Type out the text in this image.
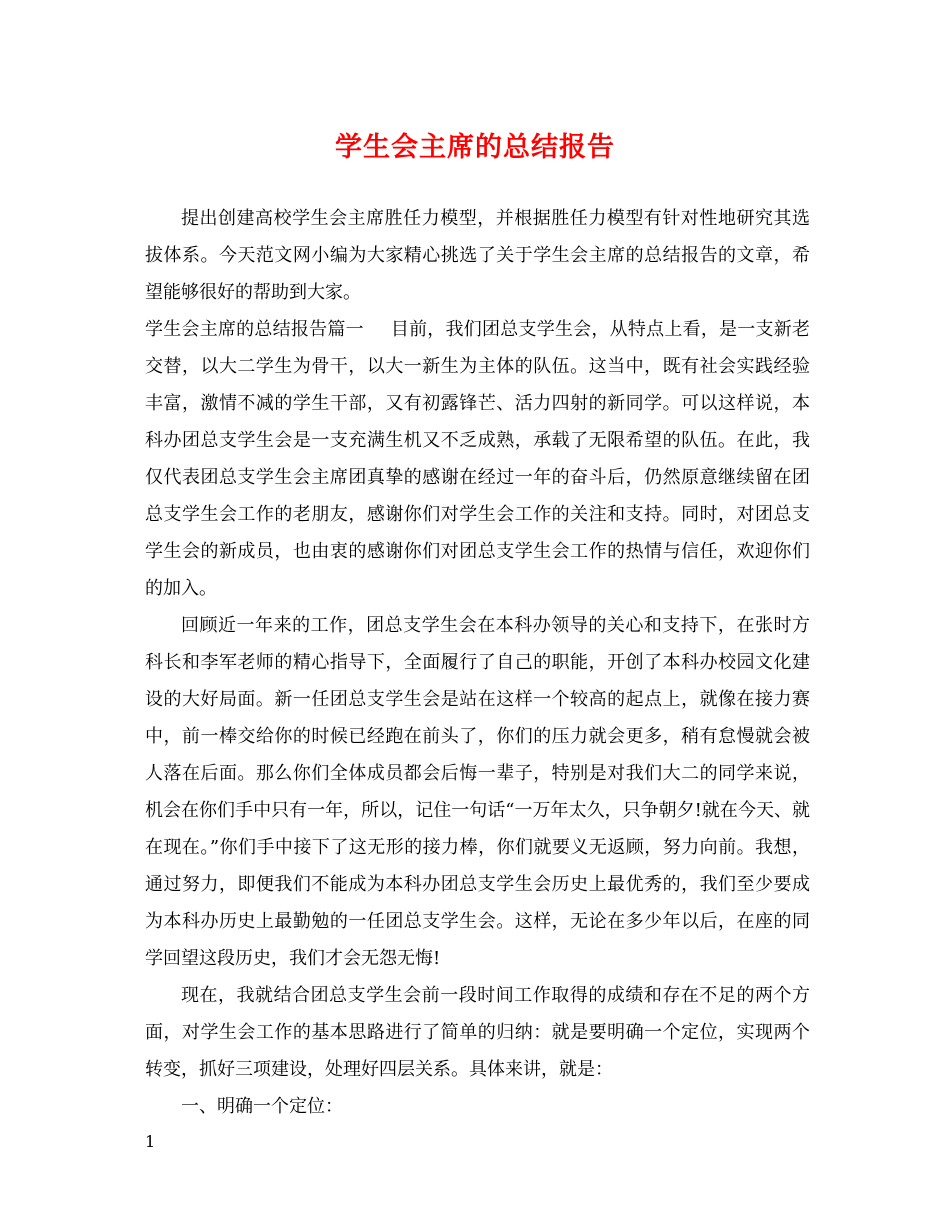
学生会主席的总结报告

提出创建高校学生会主席胜任力模型，并根据胜任力模型有针对性地研究其选拔体系。今天范文网小编为大家精心挑选了关于学生会主席的总结报告的文章，希望能够很好的帮助到大家。

学生会主席的总结报告篇一 目前，我们团总支学生会，从特点上看，是一支新老交替，以大二学生为骨干，以大一新生为主体的队伍。这当中，既有社会实践经验丰富，激情不减的学生干部，又有初露锋芒、活力四射的新同学。可以这样说，本科办团总支学生会是一支充满生机又不乏成熟，承载了无限希望的队伍。在此，我仅代表团总支学生会主席团真挚的感谢在经过一年的奋斗后，仍然原意继续留在团总支学生会工作的老朋友，感谢你们对学生会工作的关注和支持。同时，对团总支学生会的新成员，也由衷的感谢你们对团总支学生会工作的热情与信任，欢迎你们的加入。

回顾近一年来的工作，团总支学生会在本科办领导的关心和支持下，在张时方科长和李军老师的精心指导下，全面履行了自己的职能，开创了本科办校园文化建设的大好局面。新一任团总支学生会是站在这样一个较高的起点上，就像在接力赛中，前一棒交给你的时候已经跑在前头了，你们的压力就会更多，稍有怠慢就会被人落在后面。那么你们全体成员都会后悔一辈子，特别是对我们大二的同学来说，机会在你们手中只有一年，所以，记住一句话“一万年太久，只争朝夕!就在今天、就在现在。”你们手中接下了这无形的接力棒，你们就要义无返顾，努力向前。我想，通过努力，即便我们不能成为本科办团总支学生会历史上最优秀的，我们至少要成为本科办历史上最勤勉的一任团总支学生会。这样，无论在多少年以后，在座的同学回望这段历史，我们才会无怨无悔!

现在，我就结合团总支学生会前一段时间工作取得的成绩和存在不足的两个方面，对学生会工作的基本思路进行了简单的归纳：就是要明确一个定位，实现两个转变，抓好三项建设，处理好四层关系。具体来讲，就是：

一、明确一个定位：

1
